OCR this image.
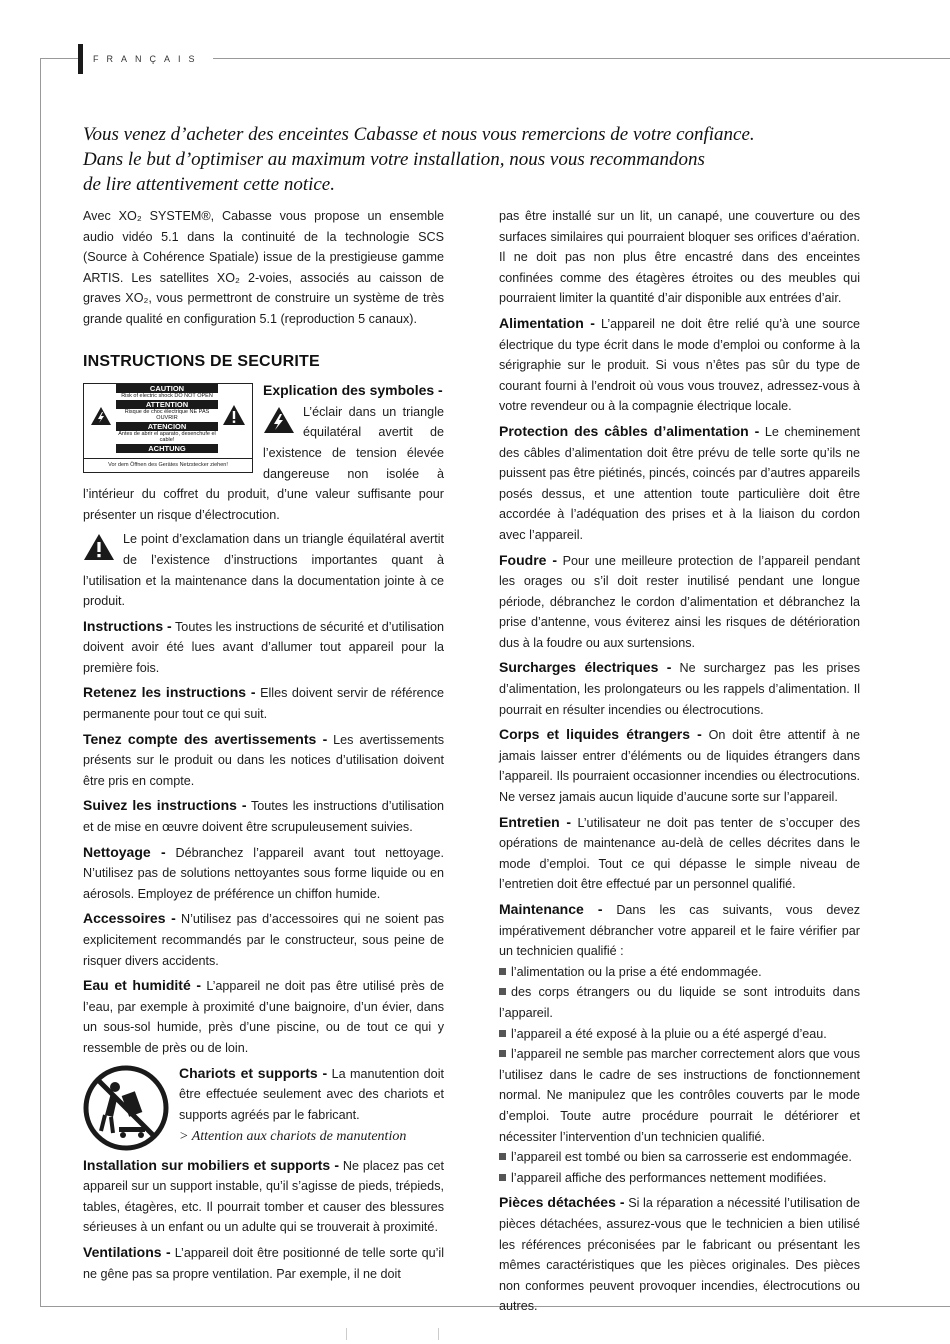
FRANÇAIS
Vous venez d’acheter des enceintes Cabasse et nous vous remercions de votre confiance.
Dans le but d’optimiser au maximum votre installation, nous vous recommandons
de lire attentivement cette notice.

Avec XO₂ SYSTEM®, Cabasse vous propose un ensemble audio vidéo 5.1 dans la continuité de la technologie SCS (Source à Cohérence Spatiale) issue de la prestigieuse gamme ARTIS. Les satellites XO₂ 2-voies, associés au caisson de graves XO₂, vous permettront de construire un système de très grande qualité en configuration 5.1 (reproduction 5 canaux).

INSTRUCTIONS DE SECURITE
CAUTION
Risk of electric shock DO NOT OPEN
ATTENTION
Risque de choc électrique NE PAS OUVRIR
ATENCION
Antes de abrir el aparato, desenchufe el cable!
ACHTUNG
Vor dem Öffnen des Gerätes Netzstecker ziehen!

Explication des symboles -

L’éclair dans un triangle équilatéral avertit de l’existence de tension élevée dangereuse non isolée à l’intérieur du coffret du produit, d’une valeur suffisante pour présenter un risque d’électrocution.

Le point d’exclamation dans un triangle équilatéral avertit de l’existence d’instructions importantes quant à l’utilisation et la maintenance dans la documentation jointe à ce produit.

Instructions - Toutes les instructions de sécurité et d’utilisation doivent avoir été lues avant d’allumer tout appareil pour la première fois.

Retenez les instructions - Elles doivent servir de référence permanente pour tout ce qui suit.

Tenez compte des avertissements - Les avertissements présents sur le produit ou dans les notices d’utilisation doivent être pris en compte.

Suivez les instructions - Toutes les instructions d’utilisation et de mise en œuvre doivent être scrupuleusement suivies.

Nettoyage - Débranchez l’appareil avant tout nettoyage. N’utilisez pas de solutions nettoyantes sous forme liquide ou en aérosols. Employez de préférence un chiffon humide.

Accessoires - N’utilisez pas d’accessoires qui ne soient pas explicitement recommandés par le constructeur, sous peine de risquer divers accidents.

Eau et humidité - L’appareil ne doit pas être utilisé près de l’eau, par exemple à proximité d’une baignoire, d’un évier, dans un sous-sol humide, près d’une piscine, ou de tout ce qui y ressemble de près ou de loin.

Chariots et supports - La manutention doit être effectuée seulement avec des chariots et supports agréés par le fabricant.

> Attention aux chariots de manutention

Installation sur mobiliers et supports - Ne placez pas cet appareil sur un support instable, qu’il s’agisse de pieds, trépieds, tables, étagères, etc. Il pourrait tomber et causer des blessures sérieuses à un enfant ou un adulte qui se trouverait à proximité.

Ventilations - L’appareil doit être positionné de telle sorte qu’il ne gêne pas sa propre ventilation. Par exemple, il ne doit

pas être installé sur un lit, un canapé, une couverture ou des surfaces similaires qui pourraient bloquer ses orifices d’aération. Il ne doit pas non plus être encastré dans des enceintes confinées comme des étagères étroites ou des meubles qui pourraient limiter la quantité d’air disponible aux entrées d’air.

Alimentation - L’appareil ne doit être relié qu’à une source électrique du type écrit dans le mode d’emploi ou conforme à la sérigraphie sur le produit. Si vous n’êtes pas sûr du type de courant fourni à l’endroit où vous vous trouvez, adressez-vous à votre revendeur ou à la compagnie électrique locale.

Protection des câbles d’alimentation - Le cheminement des câbles d’alimentation doit être prévu de telle sorte qu’ils ne puissent pas être piétinés, pincés, coincés par d’autres appareils posés dessus, et une attention toute particulière doit être accordée à l’adéquation des prises et à la liaison du cordon avec l’appareil.

Foudre - Pour une meilleure protection de l’appareil pendant les orages ou s’il doit rester inutilisé pendant une longue période, débranchez le cordon d’alimentation et débranchez la prise d’antenne, vous éviterez ainsi les risques de détérioration dus à la foudre ou aux surtensions.

Surcharges électriques - Ne surchargez pas les prises d’alimentation, les prolongateurs ou les rappels d’alimentation. Il pourrait en résulter incendies ou électrocutions.

Corps et liquides étrangers - On doit être attentif à ne jamais laisser entrer d’éléments ou de liquides étrangers dans l’appareil. Ils pourraient occasionner incendies ou électrocutions. Ne versez jamais aucun liquide d’aucune sorte sur l’appareil.

Entretien - L’utilisateur ne doit pas tenter de s’occuper des opérations de maintenance au-delà de celles décrites dans le mode d’emploi. Tout ce qui dépasse le simple niveau de l’entretien doit être effectué par un personnel qualifié.

Maintenance - Dans les cas suivants, vous devez impérativement débrancher votre appareil et le faire vérifier par un technicien qualifié :

l’alimentation ou la prise a été endommagée.

des corps étrangers ou du liquide se sont introduits dans l’appareil.

l’appareil a été exposé à la pluie ou a été aspergé d’eau.

l’appareil ne semble pas marcher correctement alors que vous l’utilisez dans le cadre de ses instructions de fonctionnement normal. Ne manipulez que les contrôles couverts par le mode d’emploi. Toute autre procédure pourrait le détériorer et nécessiter l’intervention d’un technicien qualifié.

l’appareil est tombé ou bien sa carrosserie est endommagée.

l’appareil affiche des performances nettement modifiées.

Pièces détachées - Si la réparation a nécessité l’utilisation de pièces détachées, assurez-vous que le technicien a bien utilisé les références préconisées par le fabricant ou présentant les mêmes caractéristiques que les pièces originales. Des pièces non conformes peuvent provoquer incendies, électrocutions ou autres.
